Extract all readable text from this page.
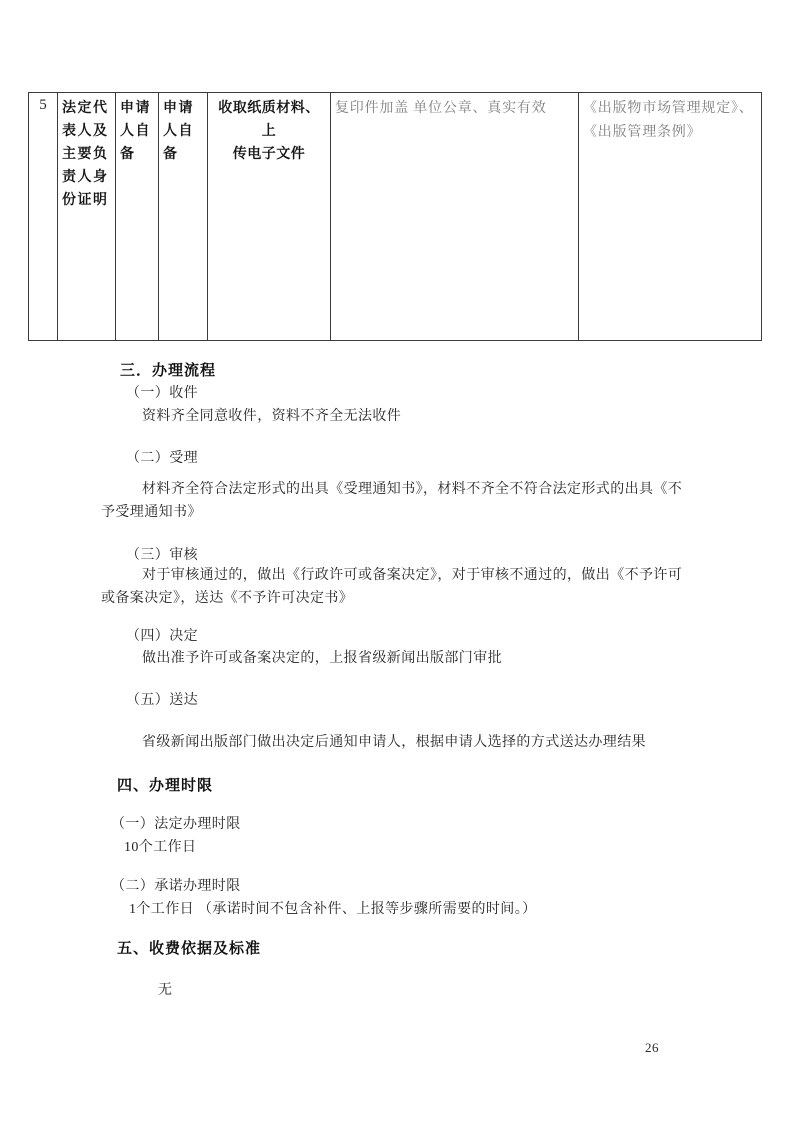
5	法定代表人及主要负责人身份证明
申请人自备
申请人自备
收取纸质材料、上
传电子文件
复印件加盖 单位公章、真实有效	《出版物市场管理规定》、
《出版管理条例》
三．办理流程
（一）收件
资料齐全同意收件，资料不齐全无法收件
（二）受理
材料齐全符合法定形式的出具《受理通知书》，材料不齐全不符合法定形式的出具《不
予受理通知书》
（三）审核
对于审核通过的，做出《行政许可或备案决定》，对于审核不通过的，做出《不予许可
或备案决定》，送达《不予许可决定书》
（四）决定
做出准予许可或备案决定的，上报省级新闻出版部门审批
（五）送达
省级新闻出版部门做出决定后通知申请人，根据申请人选择的方式送达办理结果
四、办理时限
（一）法定办理时限
10个工作日
（二）承诺办理时限
1个工作日 （承诺时间不包含补件、上报等步骤所需要的时间。）
五、收费依据及标准
无
26
